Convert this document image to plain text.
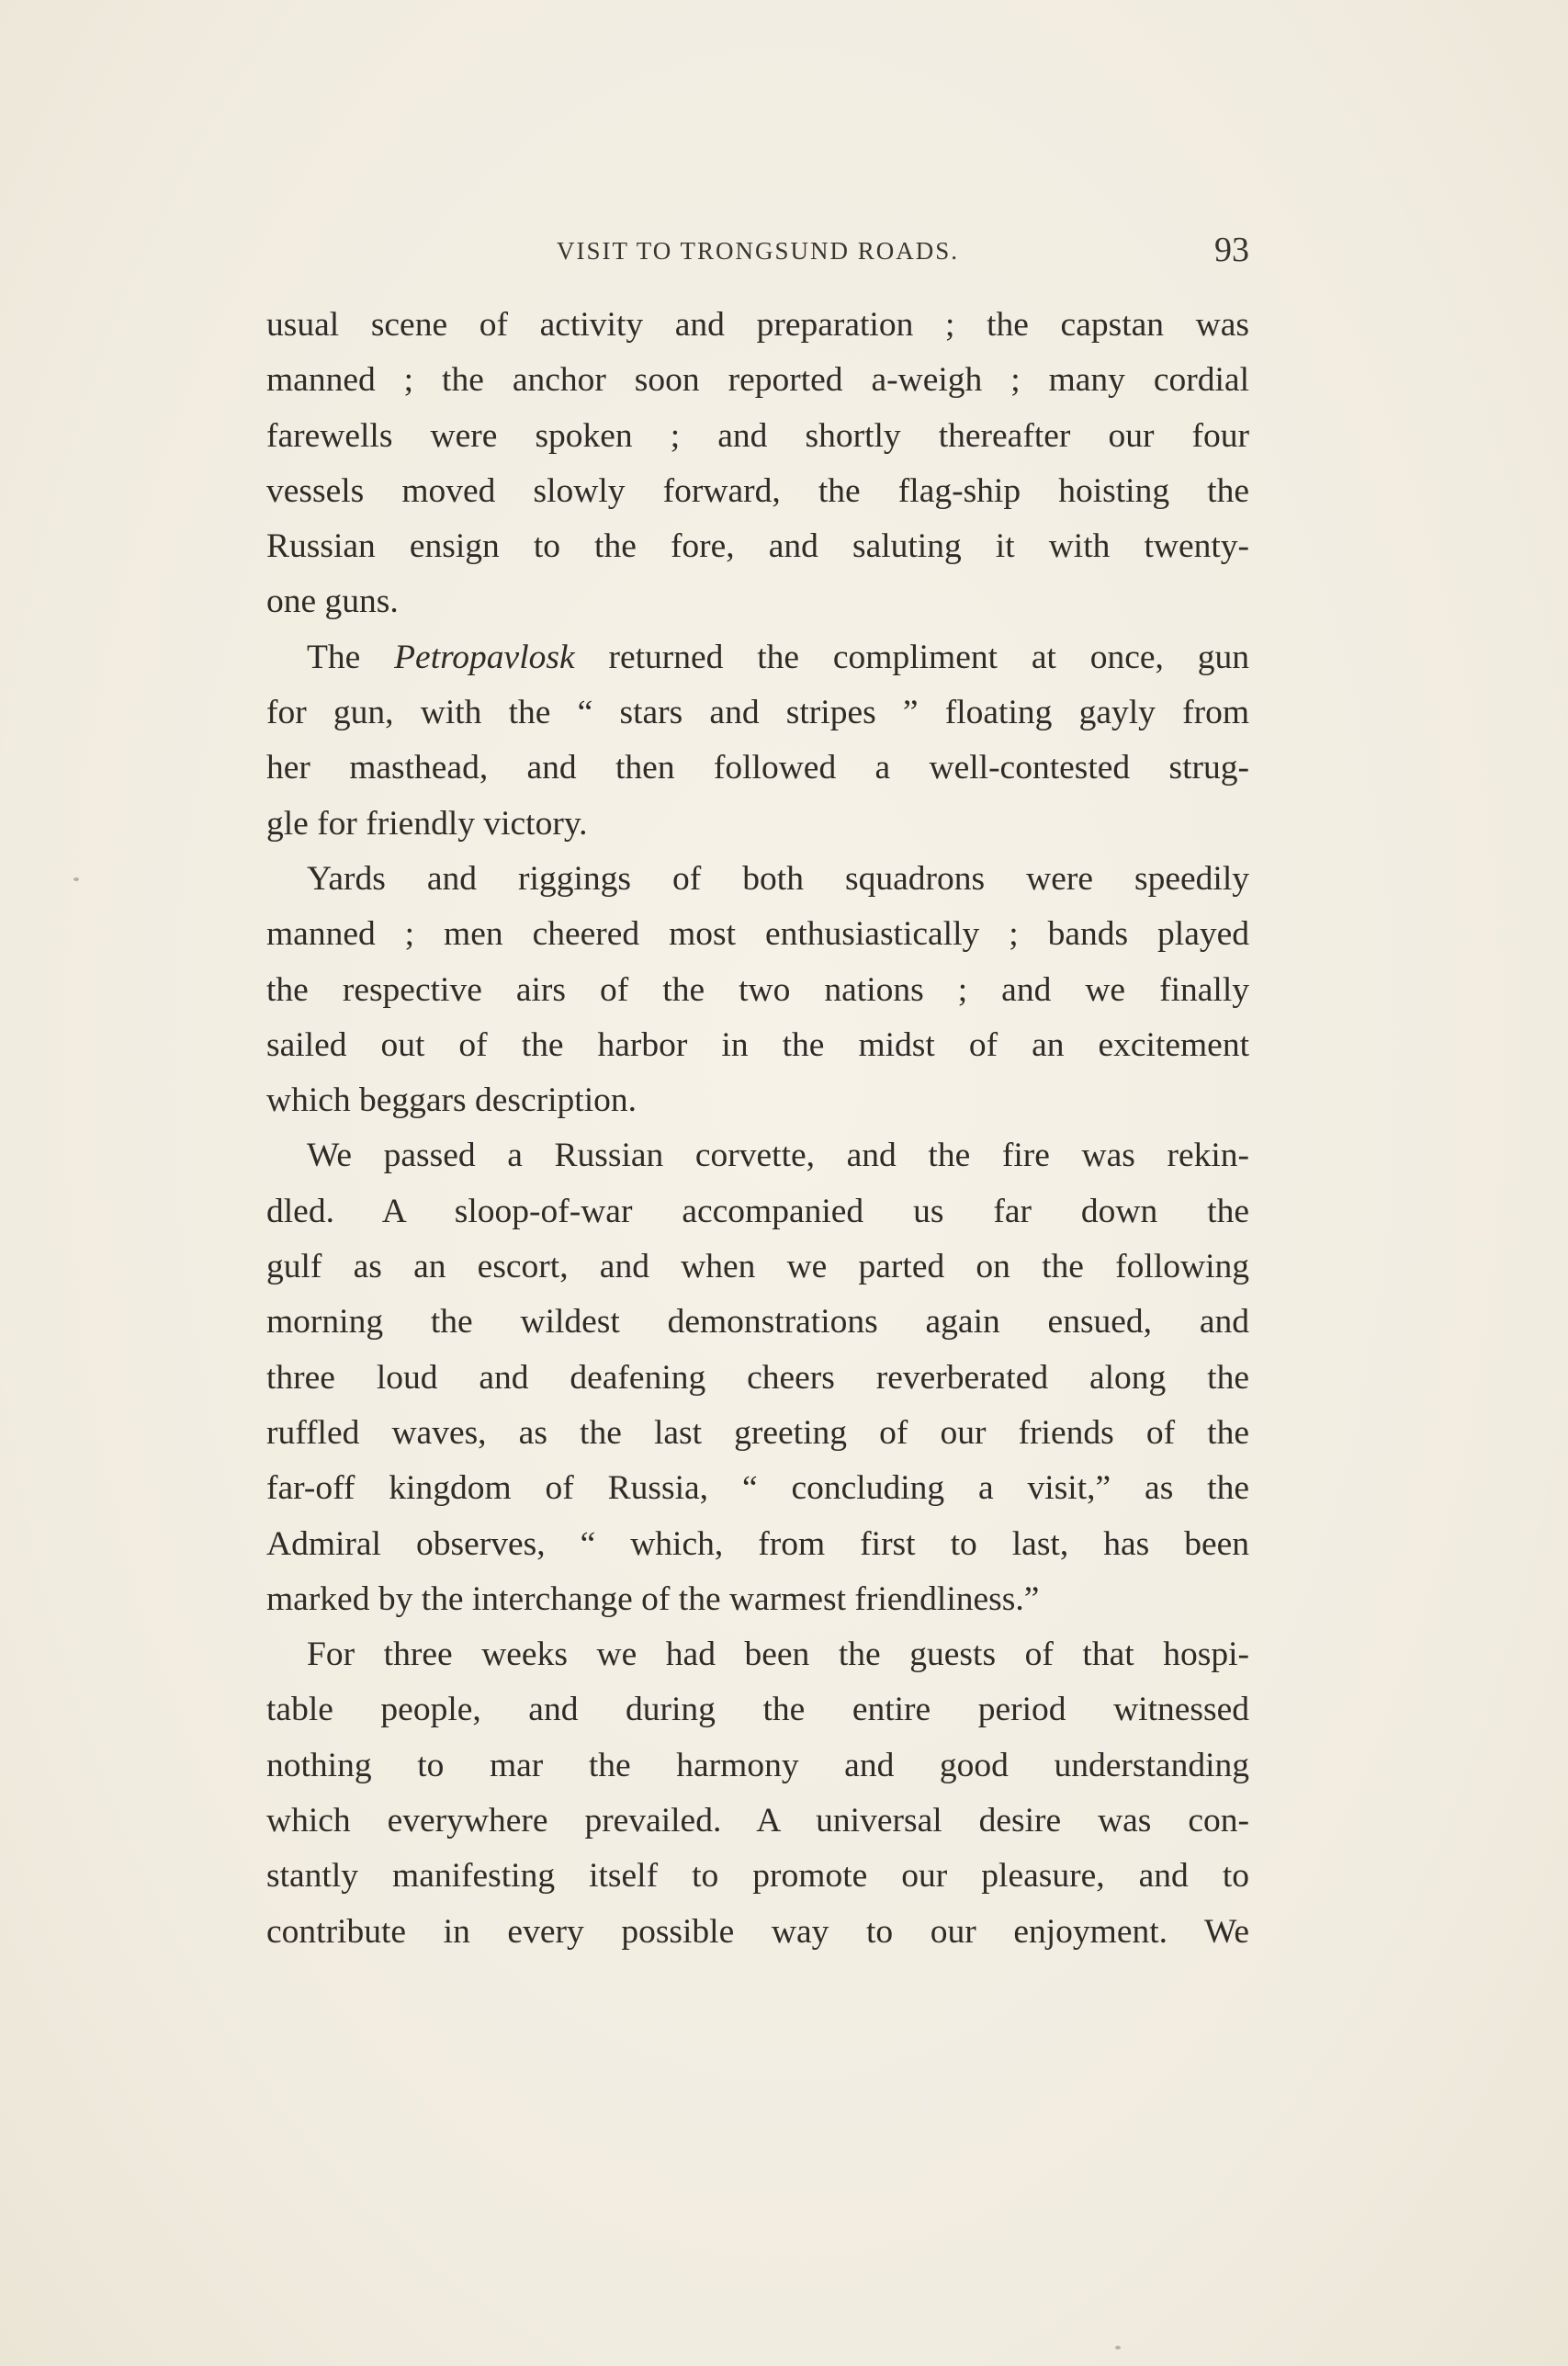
VISIT TO TRONGSUND ROADS.	93
usual scene of activity and preparation ; the capstan was
manned ; the anchor soon reported a-weigh ; many cordial
farewells were spoken ; and shortly thereafter our four
vessels moved slowly forward, the flag-ship hoisting the
Russian ensign to the fore, and saluting it with twenty-
one guns.
The Petropavlosk returned the compliment at once, gun
for gun, with the “ stars and stripes ” floating gayly from
her masthead, and then followed a well-contested strug-
gle for friendly victory.
Yards and riggings of both squadrons were speedily
manned ; men cheered most enthusiastically ; bands played
the respective airs of the two nations ; and we finally
sailed out of the harbor in the midst of an excitement
which beggars description.
We passed a Russian corvette, and the fire was rekin-
dled. A sloop-of-war accompanied us far down the
gulf as an escort, and when we parted on the following
morning the wildest demonstrations again ensued, and
three loud and deafening cheers reverberated along the
ruffled waves, as the last greeting of our friends of the
far-off kingdom of Russia, “ concluding a visit,” as the
Admiral observes, “ which, from first to last, has been
marked by the interchange of the warmest friendliness.”
For three weeks we had been the guests of that hospi-
table people, and during the entire period witnessed
nothing to mar the harmony and good understanding
which everywhere prevailed. A universal desire was con-
stantly manifesting itself to promote our pleasure, and to
contribute in every possible way to our enjoyment. We
